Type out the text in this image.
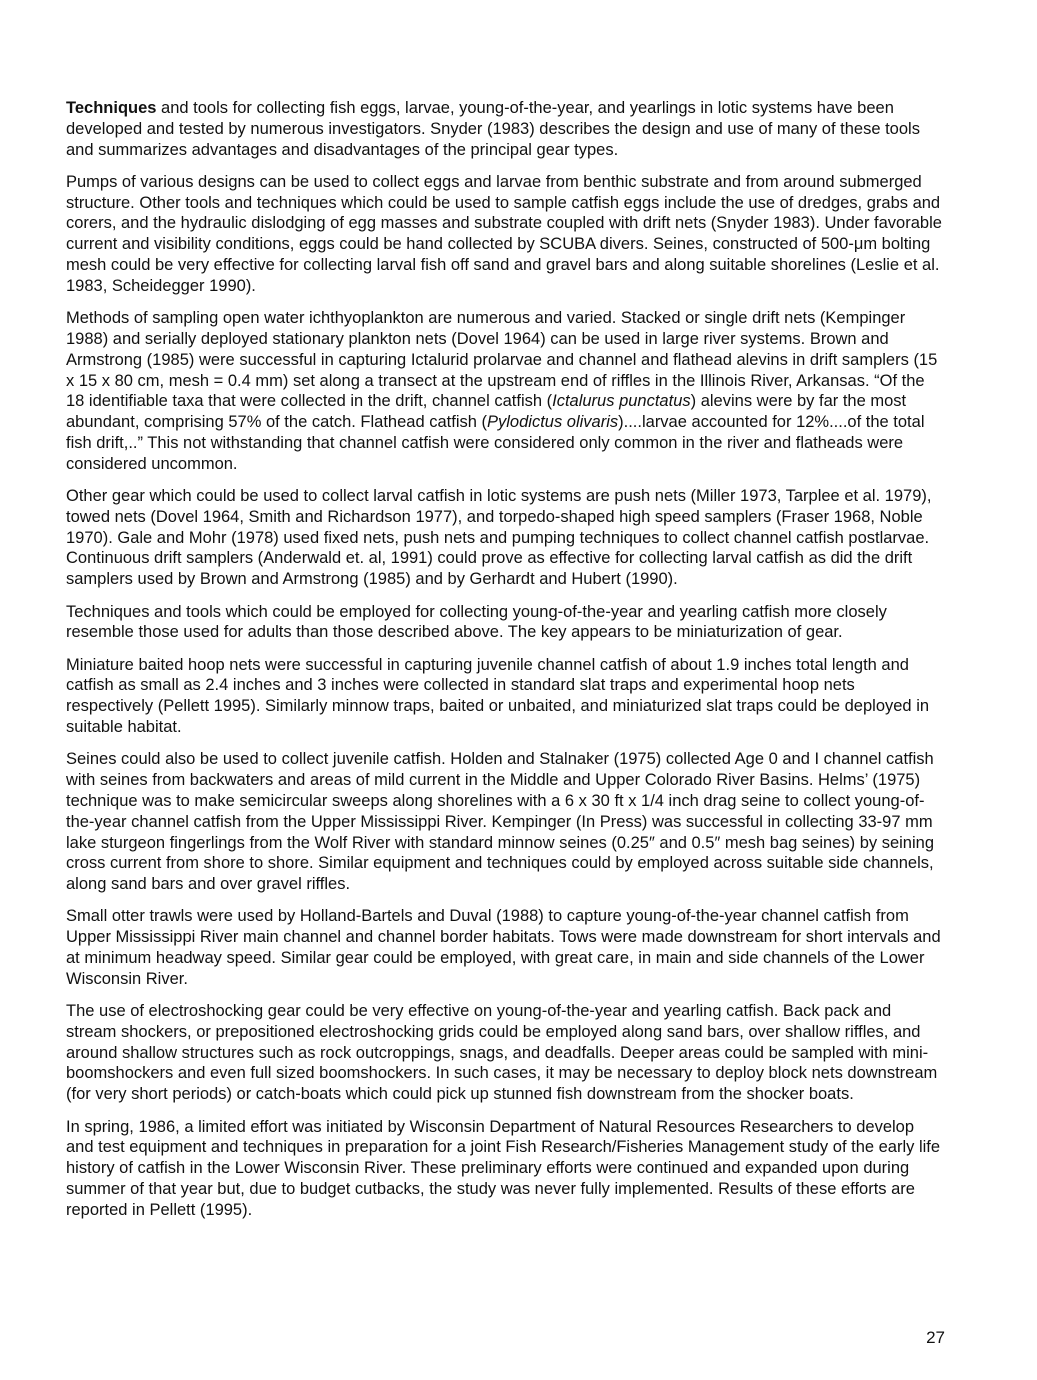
Techniques and tools for collecting fish eggs, larvae, young-of-the-year, and yearlings in lotic systems have been developed and tested by numerous investigators. Snyder (1983) describes the design and use of many of these tools and summarizes advantages and disadvantages of the principal gear types.

Pumps of various designs can be used to collect eggs and larvae from benthic substrate and from around submerged structure. Other tools and techniques which could be used to sample catfish eggs include the use of dredges, grabs and corers, and the hydraulic dislodging of egg masses and substrate coupled with drift nets (Snyder 1983). Under favorable current and visibility conditions, eggs could be hand collected by SCUBA divers. Seines, constructed of 500-μm bolting mesh could be very effective for collecting larval fish off sand and gravel bars and along suitable shorelines (Leslie et al. 1983, Scheidegger 1990).

Methods of sampling open water ichthyoplankton are numerous and varied. Stacked or single drift nets (Kempinger 1988) and serially deployed stationary plankton nets (Dovel 1964) can be used in large river systems. Brown and Armstrong (1985) were successful in capturing Ictalurid prolarvae and channel and flathead alevins in drift samplers (15 x 15 x 80 cm, mesh = 0.4 mm) set along a transect at the upstream end of riffles in the Illinois River, Arkansas. “Of the 18 identifiable taxa that were collected in the drift, channel catfish (Ictalurus punctatus) alevins were by far the most abundant, comprising 57% of the catch. Flathead catfish (Pylodictus olivaris)....larvae accounted for 12%....of the total fish drift,..” This not withstanding that channel catfish were considered only common in the river and flatheads were considered uncommon.

Other gear which could be used to collect larval catfish in lotic systems are push nets (Miller 1973, Tarplee et al. 1979), towed nets (Dovel 1964, Smith and Richardson 1977), and torpedo-shaped high speed samplers (Fraser 1968, Noble 1970). Gale and Mohr (1978) used fixed nets, push nets and pumping techniques to collect channel catfish postlarvae. Continuous drift samplers (Anderwald et. al, 1991) could prove as effective for collecting larval catfish as did the drift samplers used by Brown and Armstrong (1985) and by Gerhardt and Hubert (1990).

Techniques and tools which could be employed for collecting young-of-the-year and yearling catfish more closely resemble those used for adults than those described above. The key appears to be miniaturization of gear.

Miniature baited hoop nets were successful in capturing juvenile channel catfish of about 1.9 inches total length and catfish as small as 2.4 inches and 3 inches were collected in standard slat traps and experimental hoop nets respectively (Pellett 1995). Similarly minnow traps, baited or unbaited, and miniaturized slat traps could be deployed in suitable habitat.

Seines could also be used to collect juvenile catfish. Holden and Stalnaker (1975) collected Age 0 and I channel catfish with seines from backwaters and areas of mild current in the Middle and Upper Colorado River Basins. Helms’ (1975) technique was to make semicircular sweeps along shorelines with a 6 x 30 ft x 1/4 inch drag seine to collect young-of-the-year channel catfish from the Upper Mississippi River. Kempinger (In Press) was successful in collecting 33-97 mm lake sturgeon fingerlings from the Wolf River with standard minnow seines (0.25″ and 0.5″ mesh bag seines) by seining cross current from shore to shore. Similar equipment and techniques could by employed across suitable side channels, along sand bars and over gravel riffles.

Small otter trawls were used by Holland-Bartels and Duval (1988) to capture young-of-the-year channel catfish from Upper Mississippi River main channel and channel border habitats. Tows were made downstream for short intervals and at minimum headway speed. Similar gear could be employed, with great care, in main and side channels of the Lower Wisconsin River.

The use of electroshocking gear could be very effective on young-of-the-year and yearling catfish. Back pack and stream shockers, or prepositioned electroshocking grids could be employed along sand bars, over shallow riffles, and around shallow structures such as rock outcroppings, snags, and deadfalls. Deeper areas could be sampled with mini-boomshockers and even full sized boomshockers. In such cases, it may be necessary to deploy block nets downstream (for very short periods) or catch-boats which could pick up stunned fish downstream from the shocker boats.

In spring, 1986, a limited effort was initiated by Wisconsin Department of Natural Resources Researchers to develop and test equipment and techniques in preparation for a joint Fish Research/Fisheries Management study of the early life history of catfish in the Lower Wisconsin River. These preliminary efforts were continued and expanded upon during summer of that year but, due to budget cutbacks, the study was never fully implemented. Results of these efforts are reported in Pellett (1995).

27
